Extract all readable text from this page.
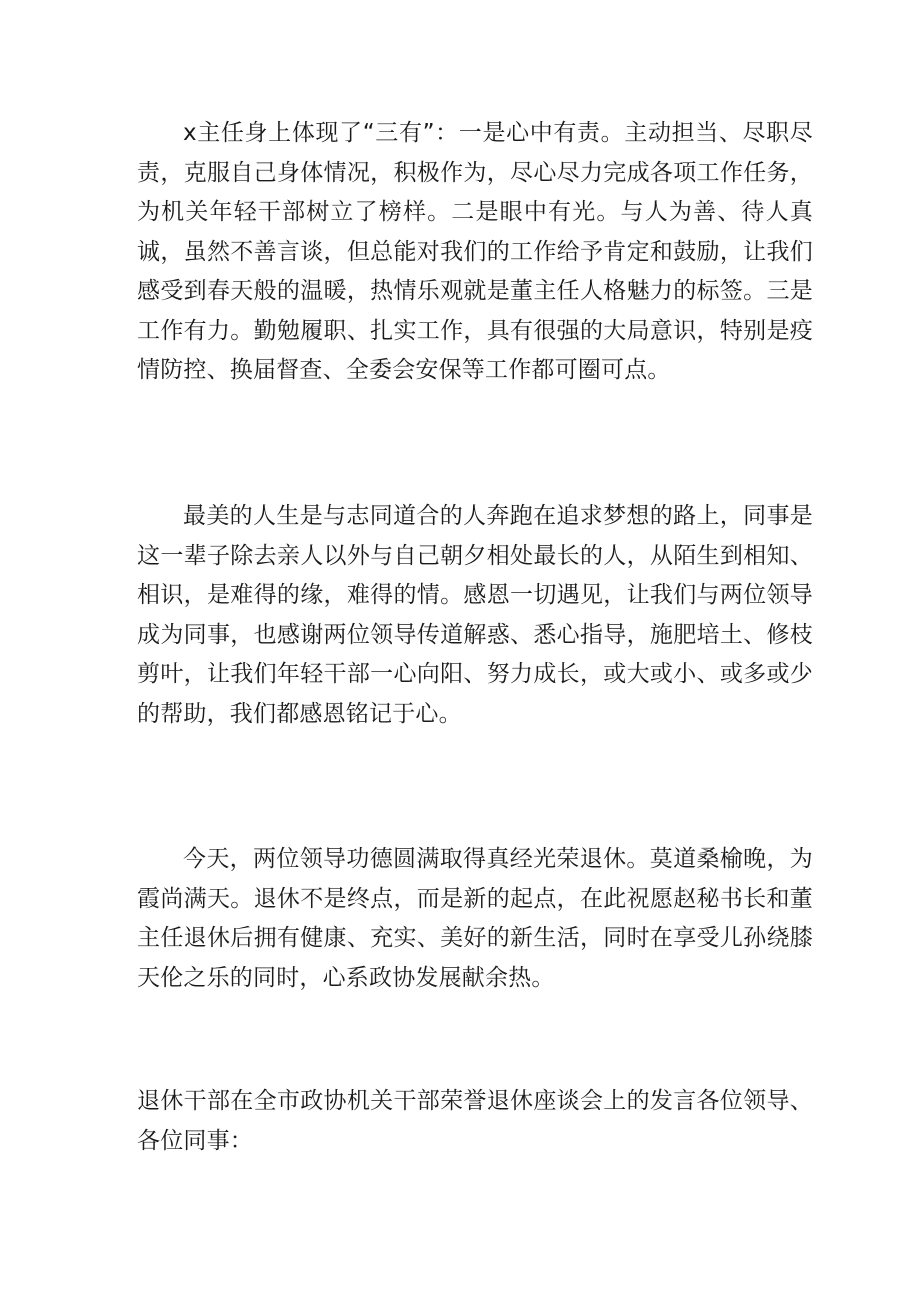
x主任身上体现了“三有”：一是心中有责。主动担当、尽职尽责，克服自己身体情况，积极作为，尽心尽力完成各项工作任务，为机关年轻干部树立了榜样。二是眼中有光。与人为善、待人真诚，虽然不善言谈，但总能对我们的工作给予肯定和鼓励，让我们感受到春天般的温暖，热情乐观就是董主任人格魅力的标签。三是工作有力。勤勉履职、扎实工作，具有很强的大局意识，特别是疫情防控、换届督查、全委会安保等工作都可圈可点。

最美的人生是与志同道合的人奔跑在追求梦想的路上，同事是这一辈子除去亲人以外与自己朝夕相处最长的人，从陌生到相知、相识，是难得的缘，难得的情。感恩一切遇见，让我们与两位领导成为同事，也感谢两位领导传道解惑、悉心指导，施肥培土、修枝剪叶，让我们年轻干部一心向阳、努力成长，或大或小、或多或少的帮助，我们都感恩铭记于心。

今天，两位领导功德圆满取得真经光荣退休。莫道桑榆晚，为霞尚满天。退休不是终点，而是新的起点，在此祝愿赵秘书长和董主任退休后拥有健康、充实、美好的新生活，同时在享受儿孙绕膝天伦之乐的同时，心系政协发展献余热。

退休干部在全市政协机关干部荣誉退休座谈会上的发言各位领导、各位同事：
